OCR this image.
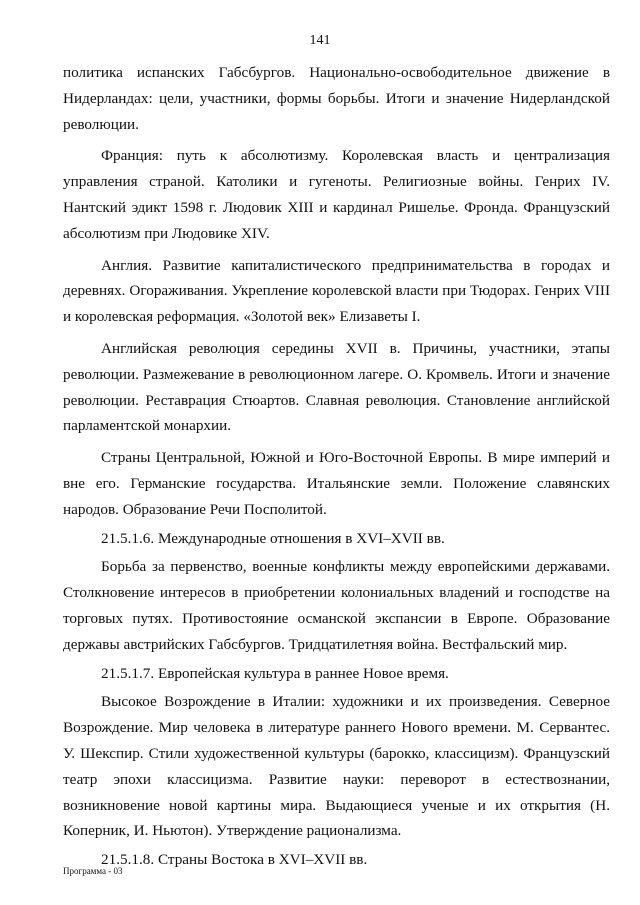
141

политика испанских Габсбургов. Национально-освободительное движение в Нидерландах: цели, участники, формы борьбы. Итоги и значение Нидерландской революции.

Франция: путь к абсолютизму. Королевская власть и централизация управления страной. Католики и гугеноты. Религиозные войны. Генрих IV. Нантский эдикт 1598 г. Людовик XIII и кардинал Ришелье. Фронда. Французский абсолютизм при Людовике XIV.

Англия. Развитие капиталистического предпринимательства в городах и деревнях. Огораживания. Укрепление королевской власти при Тюдорах. Генрих VIII и королевская реформация. «Золотой век» Елизаветы I.

Английская революция середины XVII в. Причины, участники, этапы революции. Размежевание в революционном лагере. О. Кромвель. Итоги и значение революции. Реставрация Стюартов. Славная революция. Становление английской парламентской монархии.

Страны Центральной, Южной и Юго-Восточной Европы. В мире империй и вне его. Германские государства. Итальянские земли. Положение славянских народов. Образование Речи Посполитой.

21.5.1.6. Международные отношения в XVI–XVII вв.

Борьба за первенство, военные конфликты между европейскими державами. Столкновение интересов в приобретении колониальных владений и господстве на торговых путях. Противостояние османской экспансии в Европе. Образование державы австрийских Габсбургов. Тридцатилетняя война. Вестфальский мир.

21.5.1.7. Европейская культура в раннее Новое время.

Высокое Возрождение в Италии: художники и их произведения. Северное Возрождение. Мир человека в литературе раннего Нового времени. М. Сервантес. У. Шекспир. Стили художественной культуры (барокко, классицизм). Французский театр эпохи классицизма. Развитие науки: переворот в естествознании, возникновение новой картины мира. Выдающиеся ученые и их открытия (Н. Коперник, И. Ньютон). Утверждение рационализма.

21.5.1.8. Страны Востока в XVI–XVII вв.

Программа - 03
